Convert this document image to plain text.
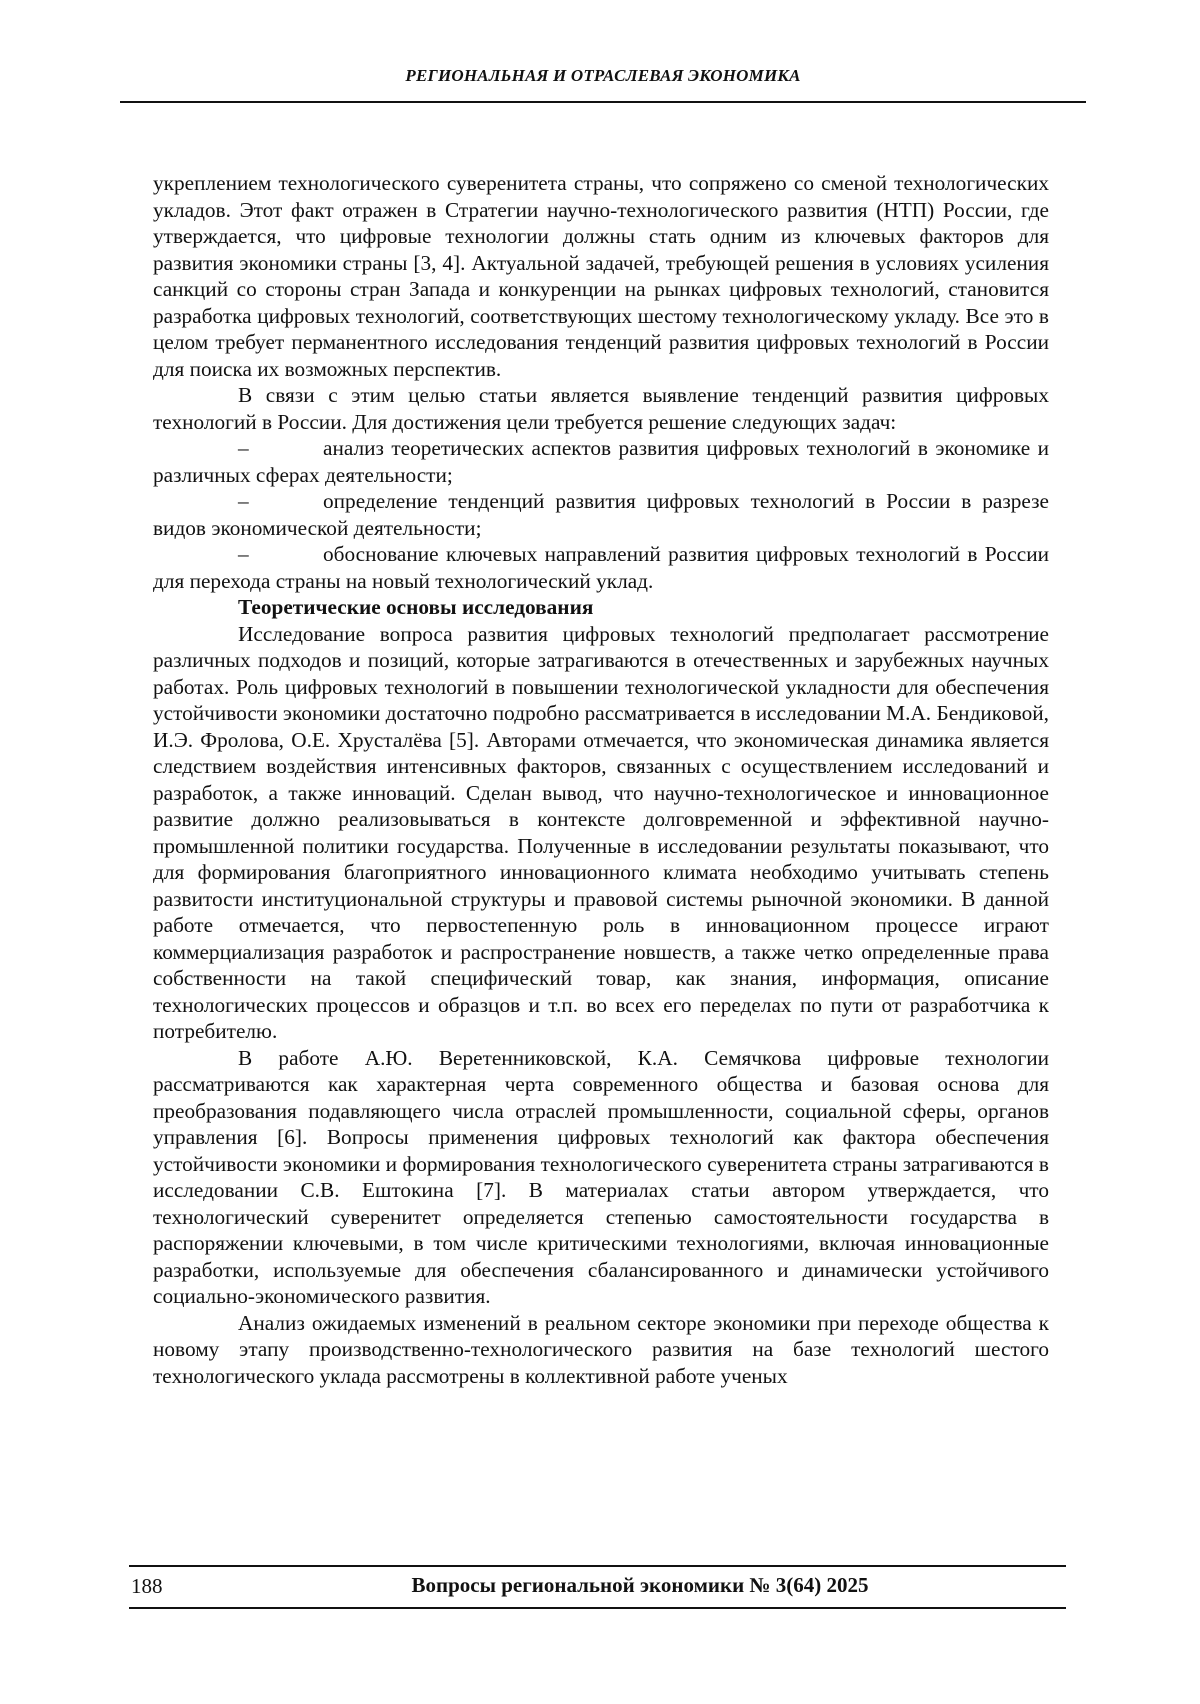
РЕГИОНАЛЬНАЯ И ОТРАСЛЕВАЯ ЭКОНОМИКА

укреплением технологического суверенитета страны, что сопряжено со сменой технологических укладов. Этот факт отражен в Стратегии научно-технологического развития (НТП) России, где утверждается, что цифровые технологии должны стать одним из ключевых факторов для развития экономики страны [3, 4]. Актуальной задачей, требующей решения в условиях усиления санкций со стороны стран Запада и конкуренции на рынках цифровых технологий, становится разработка цифровых технологий, соответствующих шестому технологическому укладу. Все это в целом требует перманентного исследования тенденций развития цифровых технологий в России для поиска их возможных перспектив.

В связи с этим целью статьи является выявление тенденций развития цифровых технологий в России. Для достижения цели требуется решение следующих задач:

–	анализ теоретических аспектов развития цифровых технологий в экономике и различных сферах деятельности;

–	определение тенденций развития цифровых технологий в России в разрезе видов экономической деятельности;

–	обоснование ключевых направлений развития цифровых технологий в России для перехода страны на новый технологический уклад.

Теоретические основы исследования

Исследование вопроса развития цифровых технологий предполагает рассмотрение различных подходов и позиций, которые затрагиваются в отечественных и зарубежных научных работах. Роль цифровых технологий в повышении технологической укладности для обеспечения устойчивости экономики достаточно подробно рассматривается в исследовании М.А. Бендиковой, И.Э. Фролова, О.Е. Хрусталёва [5]. Авторами отмечается, что экономическая динамика является следствием воздействия интенсивных факторов, связанных с осуществлением исследований и разработок, а также инноваций. Сделан вывод, что научно-технологическое и инновационное развитие должно реализовываться в контексте долговременной и эффективной научно-промышленной политики государства. Полученные в исследовании результаты показывают, что для формирования благоприятного инновационного климата необходимо учитывать степень развитости институциональной структуры и правовой системы рыночной экономики. В данной работе отмечается, что первостепенную роль в инновационном процессе играют коммерциализация разработок и распространение новшеств, а также четко определенные права собственности на такой специфический товар, как знания, информация, описание технологических процессов и образцов и т.п. во всех его переделах по пути от разработчика к потребителю.

В работе А.Ю. Веретенниковской, К.А. Семячкова цифровые технологии рассматриваются как характерная черта современного общества и базовая основа для преобразования подавляющего числа отраслей промышленности, социальной сферы, органов управления [6]. Вопросы применения цифровых технологий как фактора обеспечения устойчивости экономики и формирования технологического суверенитета страны затрагиваются в исследовании С.В. Ештокина [7]. В материалах статьи автором утверждается, что технологический суверенитет определяется степенью самостоятельности государства в распоряжении ключевыми, в том числе критическими технологиями, включая инновационные разработки, используемые для обеспечения сбалансированного и динамически устойчивого социально-экономического развития.

Анализ ожидаемых изменений в реальном секторе экономики при переходе общества к новому этапу производственно-технологического развития на базе технологий шестого технологического уклада рассмотрены в коллективной работе ученых

188	Вопросы региональной экономики № 3(64) 2025
